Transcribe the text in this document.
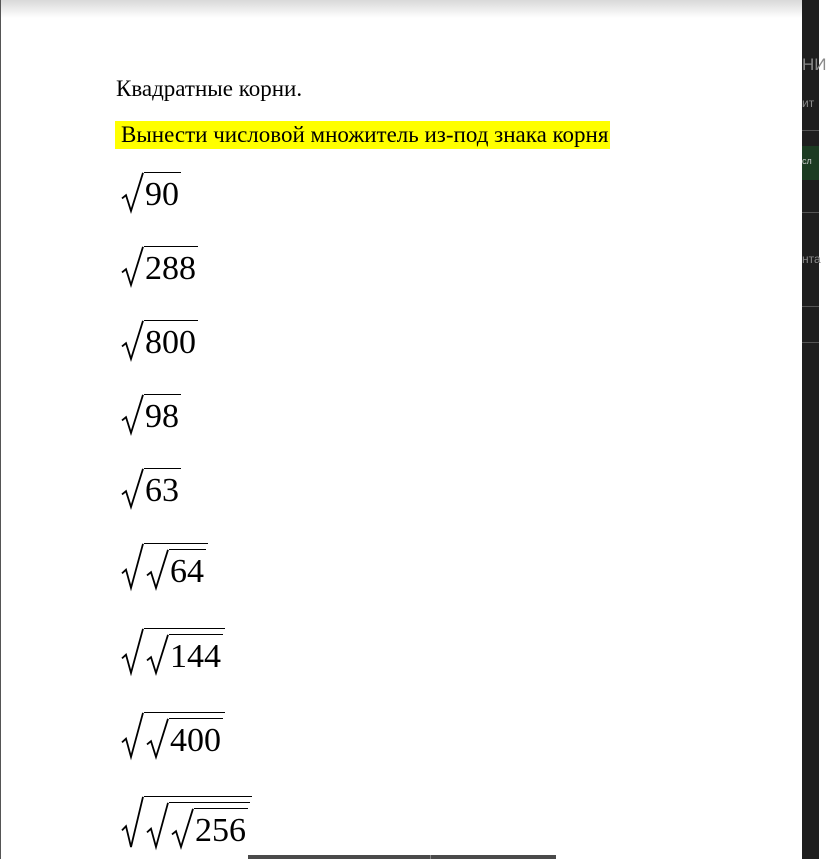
Квадратные корни.
Вынести числовой множитель из-под знака корня
90
288
800
98
63
64
144
400
256
НИ
ит
сл
нта
